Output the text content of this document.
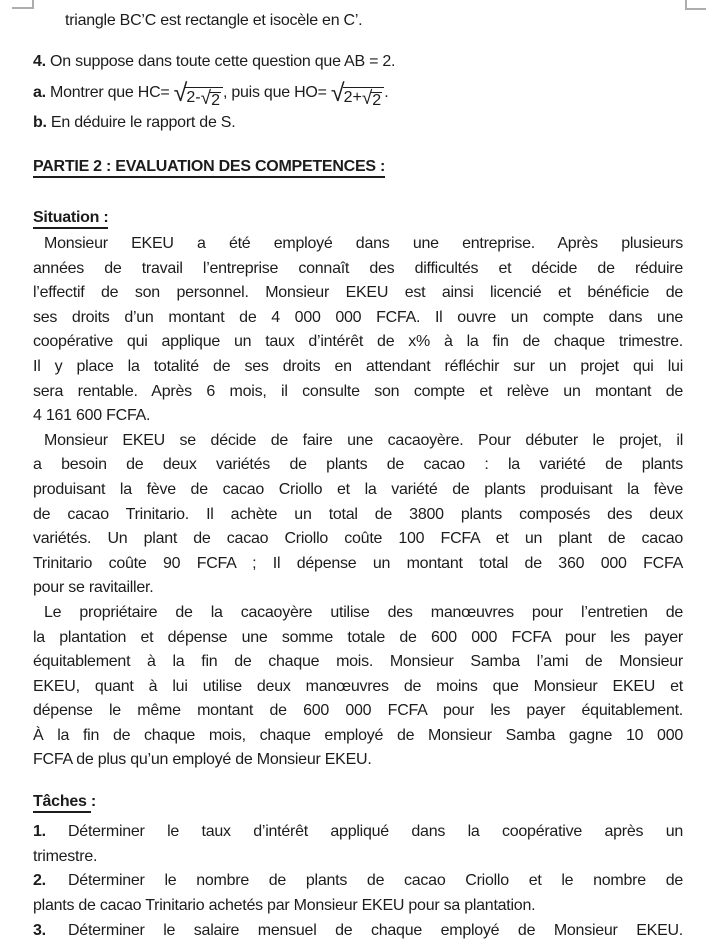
triangle BC’C est rectangle et isocèle en C’.
4. On suppose dans toute cette question que AB = 2.
a. Montrer que HC= √2-√2 , puis que HO= √2+√2 .
b. En déduire le rapport de S.
PARTIE 2 : EVALUATION DES COMPETENCES :
Situation :
Monsieur EKEU a été employé dans une entreprise. Après plusieurs
années de travail l’entreprise connaît des difficultés et décide de réduire
l’effectif de son personnel. Monsieur EKEU est ainsi licencié et bénéficie de
ses droits d’un montant de 4 000 000 FCFA. Il ouvre un compte dans une
coopérative qui applique un taux d’intérêt de x% à la fin de chaque trimestre.
Il y place la totalité de ses droits en attendant réfléchir sur un projet qui lui
sera rentable. Après 6 mois, il consulte son compte et relève un montant de
4 161 600 FCFA.
Monsieur EKEU se décide de faire une cacaoyère. Pour débuter le projet, il
a besoin de deux variétés de plants de cacao : la variété de plants
produisant la fève de cacao Criollo et la variété de plants produisant la fève
de cacao Trinitario. Il achète un total de 3800 plants composés des deux
variétés. Un plant de cacao Criollo coûte 100 FCFA et un plant de cacao
Trinitario coûte 90 FCFA ; Il dépense un montant total de 360 000 FCFA
pour se ravitailler.
Le propriétaire de la cacaoyère utilise des manœuvres pour l’entretien de
la plantation et dépense une somme totale de 600 000 FCFA pour les payer
équitablement à la fin de chaque mois. Monsieur Samba l’ami de Monsieur
EKEU, quant à lui utilise deux manœuvres de moins que Monsieur EKEU et
dépense le même montant de 600 000 FCFA pour les payer équitablement.
À la fin de chaque mois, chaque employé de Monsieur Samba gagne 10 000
FCFA de plus qu’un employé de Monsieur EKEU.
Tâches :
1. Déterminer le taux d’intérêt appliqué dans la coopérative après un
trimestre.
2. Déterminer le nombre de plants de cacao Criollo et le nombre de
plants de cacao Trinitario achetés par Monsieur EKEU pour sa plantation.
3. Déterminer le salaire mensuel de chaque employé de Monsieur EKEU.
